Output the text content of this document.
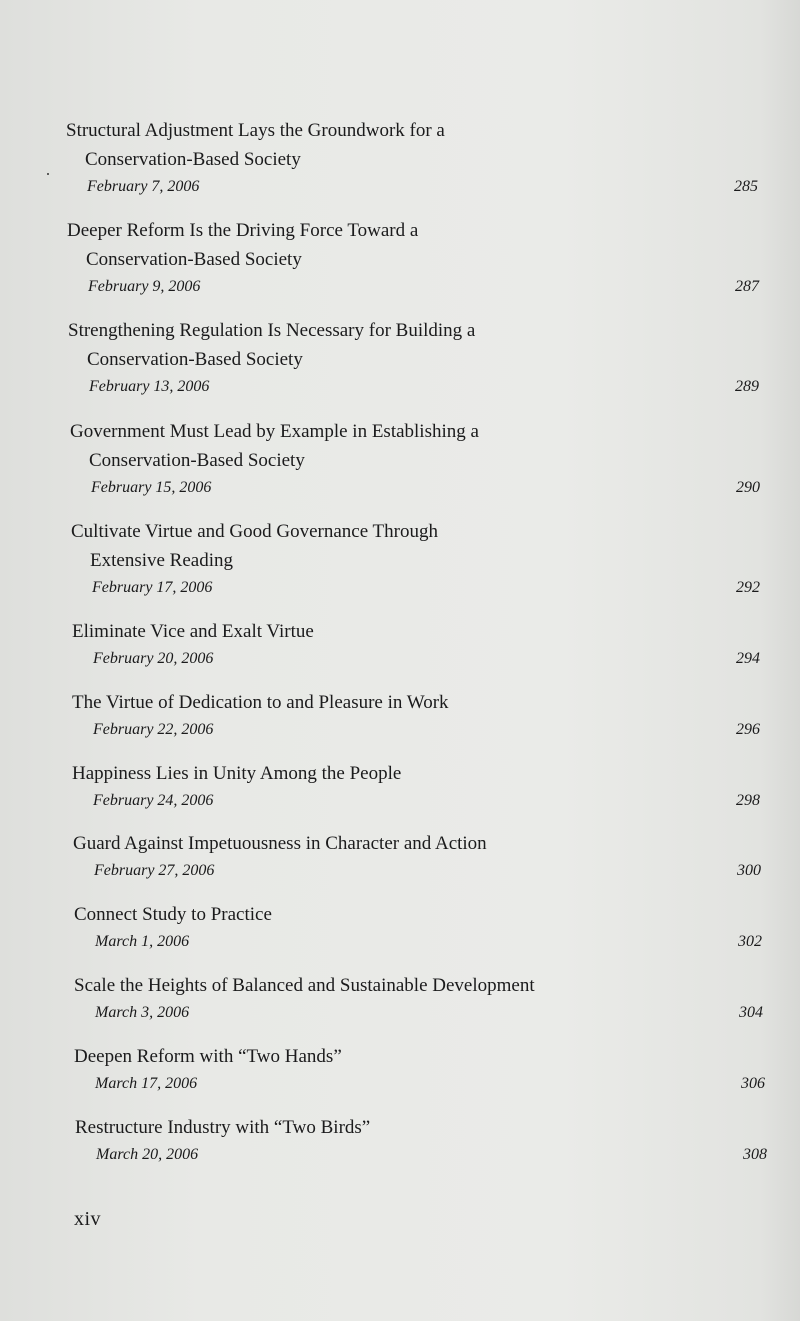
Structural Adjustment Lays the Groundwork for a
Conservation-Based Society
February 7, 2006	285
Deeper Reform Is the Driving Force Toward a
Conservation-Based Society
February 9, 2006	287
Strengthening Regulation Is Necessary for Building a
Conservation-Based Society
February 13, 2006	289
Government Must Lead by Example in Establishing a
Conservation-Based Society
February 15, 2006	290
Cultivate Virtue and Good Governance Through
Extensive Reading
February 17, 2006	292
Eliminate Vice and Exalt Virtue
February 20, 2006	294
The Virtue of Dedication to and Pleasure in Work
February 22, 2006	296
Happiness Lies in Unity Among the People
February 24, 2006	298
Guard Against Impetuousness in Character and Action
February 27, 2006	300
Connect Study to Practice
March 1, 2006	302
Scale the Heights of Balanced and Sustainable Development
March 3, 2006	304
Deepen Reform with “Two Hands”
March 17, 2006	306
Restructure Industry with “Two Birds”
March 20, 2006	308
xiv
